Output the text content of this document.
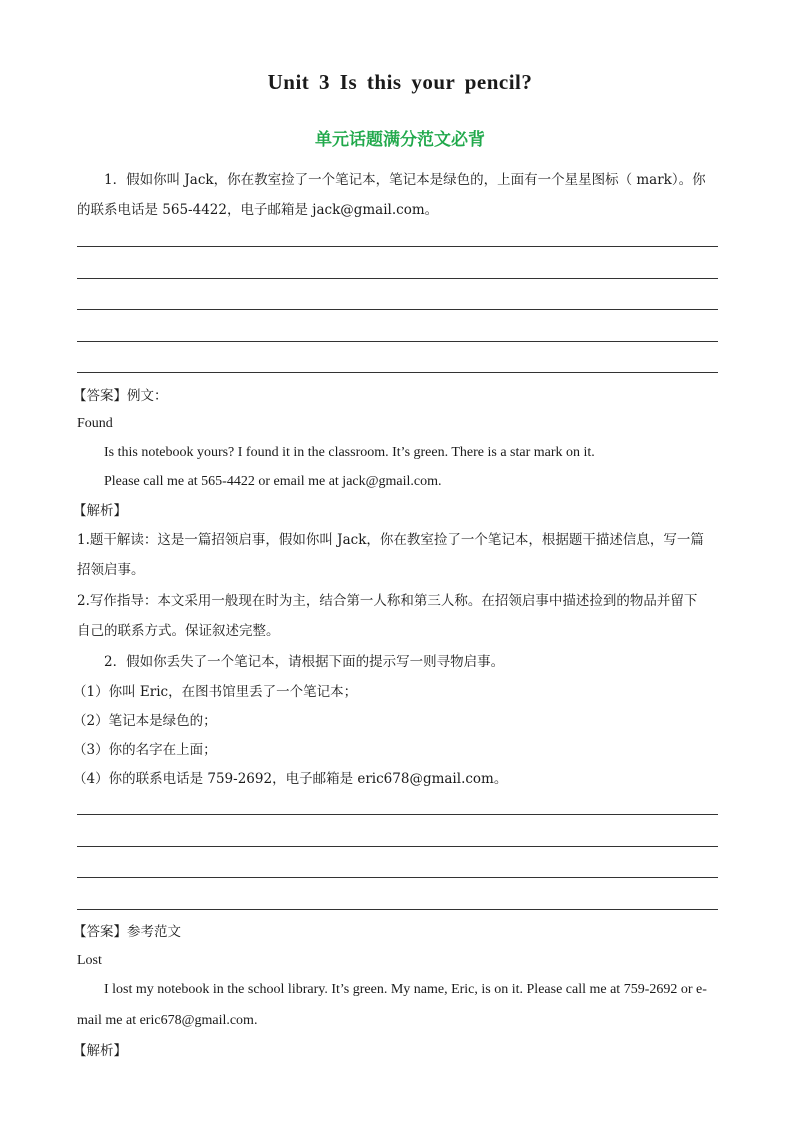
Unit 3 Is this your pencil?
单元话题满分范文必背
1．假如你叫 Jack，你在教室捡了一个笔记本，笔记本是绿色的，上面有一个星星图标（ mark）。你
的联系电话是 565-4422，电子邮箱是 jack@gmail.com。
【答案】例文：
Found
Is this notebook yours? I found it in the classroom. It’s green. There is a star mark on it.
Please call me at 565-4422 or email me at jack@gmail.com.
【解析】
1.题干解读：这是一篇招领启事，假如你叫 Jack，你在教室捡了一个笔记本，根据题干描述信息，写一篇
招领启事。
2.写作指导：本文采用一般现在时为主，结合第一人称和第三人称。在招领启事中描述捡到的物品并留下
自己的联系方式。保证叙述完整。
2．假如你丢失了一个笔记本，请根据下面的提示写一则寻物启事。
（1）你叫 Eric，在图书馆里丢了一个笔记本；
（2）笔记本是绿色的；
（3）你的名字在上面；
（4）你的联系电话是 759-2692，电子邮箱是 eric678@gmail.com。
【答案】参考范文
Lost
I lost my notebook in the school library. It’s green. My name, Eric, is on it. Please call me at 759-2692 or e-
mail me at eric678@gmail.com.
【解析】
